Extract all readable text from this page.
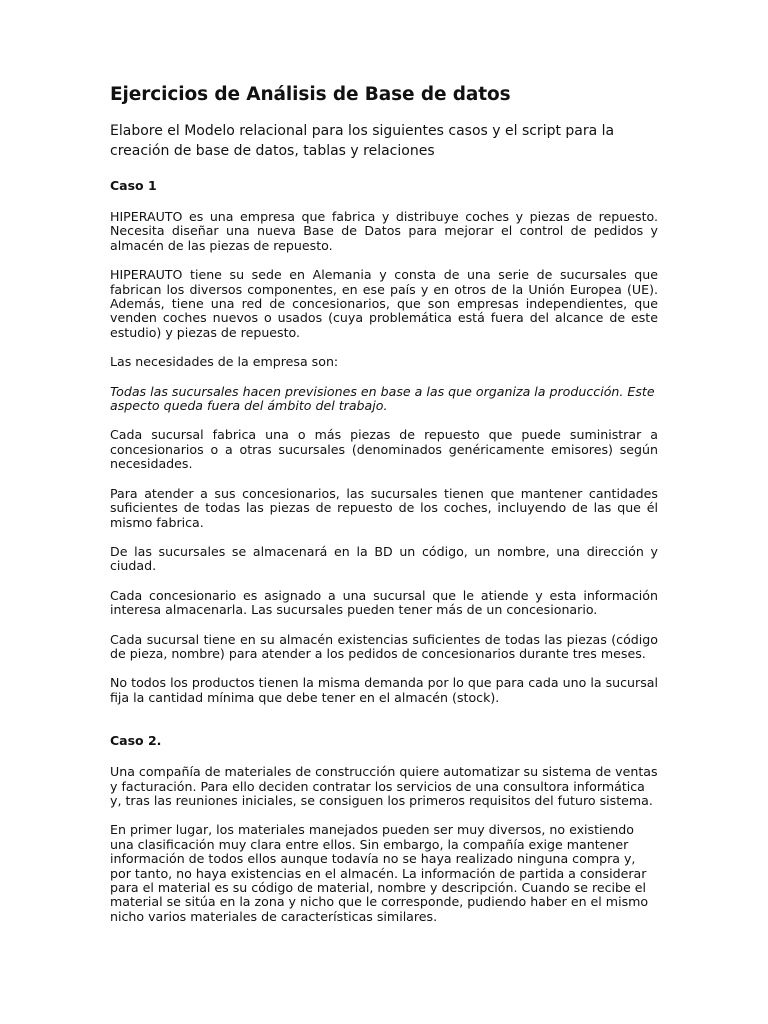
Ejercicios de Análisis de Base de datos
Elabore el Modelo relacional para los siguientes casos y el script para la creación de base de datos, tablas y relaciones
Caso 1

HIPERAUTO es una empresa que fabrica y distribuye coches y piezas de repuesto. Necesita diseñar una nueva Base de Datos para mejorar el control de pedidos y almacén de las piezas de repuesto.

HIPERAUTO tiene su sede en Alemania y consta de una serie de sucursales que fabrican los diversos componentes, en ese país y en otros de la Unión Europea (UE). Además, tiene una red de concesionarios, que son empresas independientes, que venden coches nuevos o usados (cuya problemática está fuera del alcance de este estudio) y piezas de repuesto.

Las necesidades de la empresa son:

Todas las sucursales hacen previsiones en base a las que organiza la producción. Este aspecto queda fuera del ámbito del trabajo.

Cada sucursal fabrica una o más piezas de repuesto que puede suministrar a concesionarios o a otras sucursales (denominados genéricamente emisores) según necesidades.

Para atender a sus concesionarios, las sucursales tienen que mantener cantidades suficientes de todas las piezas de repuesto de los coches, incluyendo de las que él mismo fabrica.

De las sucursales se almacenará en la BD un código, un nombre, una dirección y ciudad.

Cada concesionario es asignado a una sucursal que le atiende y esta información interesa almacenarla. Las sucursales pueden tener más de un concesionario.

Cada sucursal tiene en su almacén existencias suficientes de todas las piezas (código de pieza, nombre) para atender a los pedidos de concesionarios durante tres meses.

No todos los productos tienen la misma demanda por lo que para cada uno la sucursal fija la cantidad mínima que debe tener en el almacén (stock).

Caso 2.

Una compañía de materiales de construcción quiere automatizar su sistema de ventas y facturación. Para ello deciden contratar los servicios de una consultora informática y, tras las reuniones iniciales, se consiguen los primeros requisitos del futuro sistema.

En primer lugar, los materiales manejados pueden ser muy diversos, no existiendo una clasificación muy clara entre ellos. Sin embargo, la compañía exige mantener información de todos ellos aunque todavía no se haya realizado ninguna compra y, por tanto, no haya existencias en el almacén. La información de partida a considerar para el material es su código de material, nombre y descripción. Cuando se recibe el material se sitúa en la zona y nicho que le corresponde, pudiendo haber en el mismo nicho varios materiales de características similares.
